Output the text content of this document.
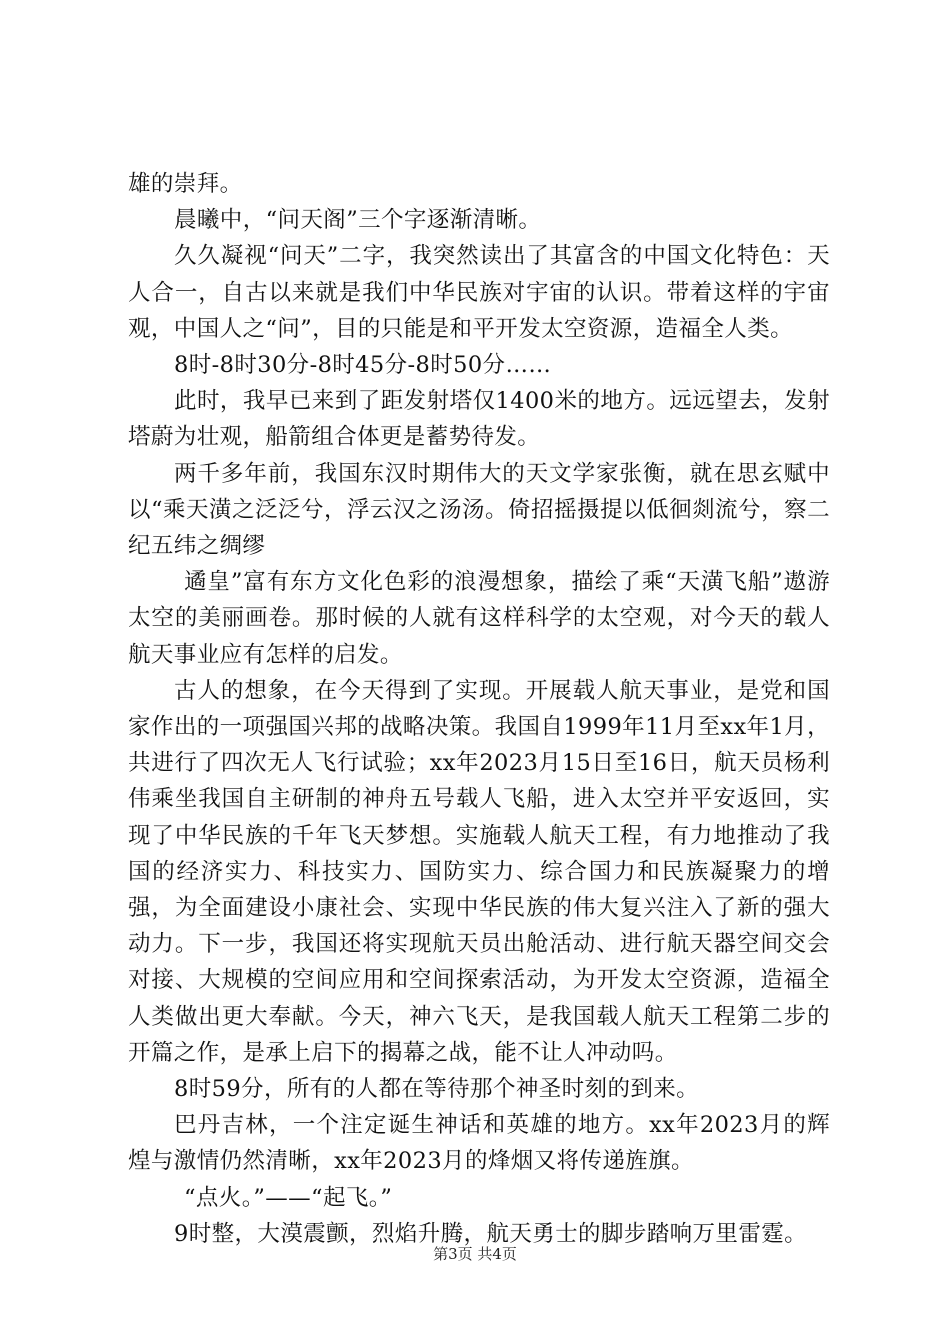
雄的崇拜。

晨曦中，“问天阁”三个字逐渐清晰。

久久凝视“问天”二字，我突然读出了其富含的中国文化特色：天人合一，自古以来就是我们中华民族对宇宙的认识。带着这样的宇宙观，中国人之“问”，目的只能是和平开发太空资源，造福全人类。

8时-8时30分-8时45分-8时50分……

此时，我早已来到了距发射塔仅1400米的地方。远远望去，发射塔蔚为壮观，船箭组合体更是蓄势待发。

两千多年前，我国东汉时期伟大的天文学家张衡，就在思玄赋中以“乘天潢之泛泛兮，浮云汉之汤汤。倚招摇摄提以低徊剡流兮，察二纪五纬之绸缪

遹皇”富有东方文化色彩的浪漫想象，描绘了乘“天潢飞船”遨游太空的美丽画卷。那时候的人就有这样科学的太空观，对今天的载人航天事业应有怎样的启发。

古人的想象，在今天得到了实现。开展载人航天事业，是党和国家作出的一项强国兴邦的战略决策。我国自1999年11月至xx年1月，共进行了四次无人飞行试验；xx年2023月15日至16日，航天员杨利伟乘坐我国自主研制的神舟五号载人飞船，进入太空并平安返回，实现了中华民族的千年飞天梦想。实施载人航天工程，有力地推动了我国的经济实力、科技实力、国防实力、综合国力和民族凝聚力的增强，为全面建设小康社会、实现中华民族的伟大复兴注入了新的强大动力。下一步，我国还将实现航天员出舱活动、进行航天器空间交会对接、大规模的空间应用和空间探索活动，为开发太空资源，造福全人类做出更大奉献。今天，神六飞天，是我国载人航天工程第二步的开篇之作，是承上启下的揭幕之战，能不让人冲动吗。

8时59分，所有的人都在等待那个神圣时刻的到来。

巴丹吉林，一个注定诞生神话和英雄的地方。xx年2023月的辉煌与激情仍然清晰，xx年2023月的烽烟又将传递旌旗。

“点火。”——“起飞。”

9时整，大漠震颤，烈焰升腾，航天勇士的脚步踏响万里雷霆。

第3页 共4页
